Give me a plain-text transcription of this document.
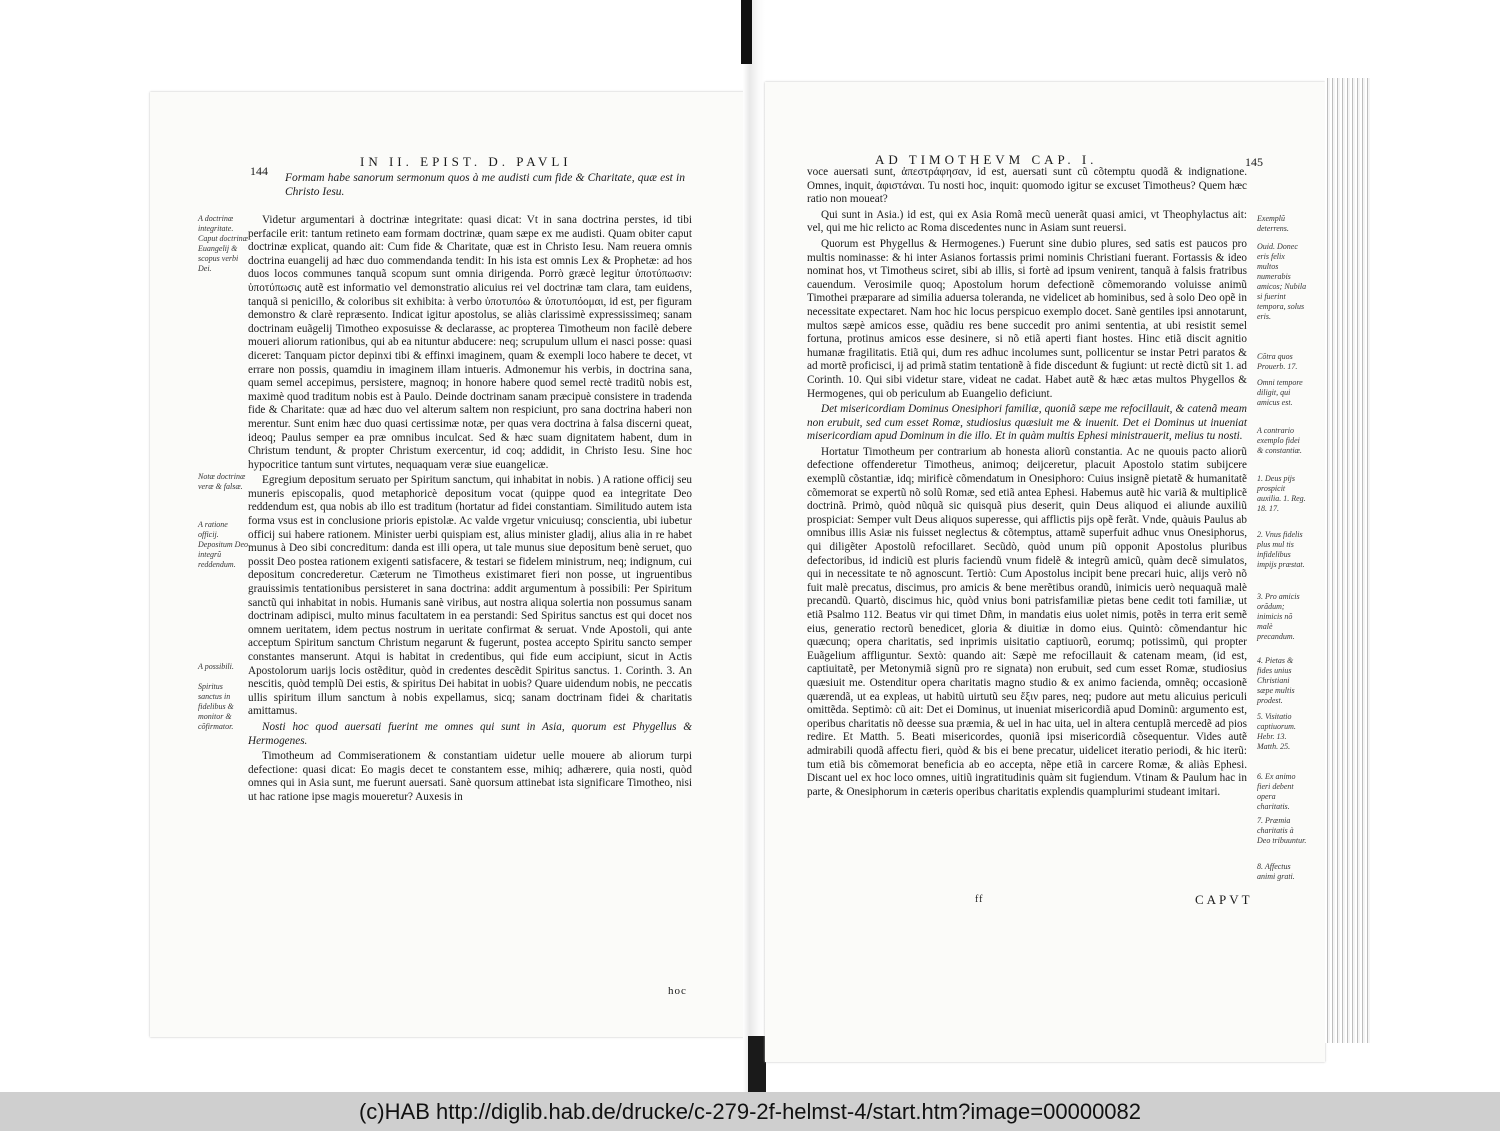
144
IN II. EPIST. D. PAVLI

Formam habe sanorum sermonum quos à me audisti cum fide & Charitate, quæ est in Christo Iesu.

A doctrinæ integritate. Caput doctrinæ Euangelij & scopus verbi Dei.
Notæ doctrinæ veræ & falsæ.
A ratione officij. Depositum Deo integrũ reddendum.
A possibili.
Spiritus sanctus in fidelibus & monitor & cõfirmator.

Videtur argumentari à doctrinæ integritate: quasi dicat: Vt in sana doctrina perstes, id tibi perfacile erit: tantum retineto eam formam doctrinæ, quam sæpe ex me audisti. Quam obiter caput doctrinæ explicat, quando ait: Cum fide & Charitate, quæ est in Christo Iesu. Nam reuera omnis doctrina euangelij ad hæc duo commendanda tendit: In his ista est omnis Lex & Prophetæ: ad hos duos locos communes tanquã scopum sunt omnia dirigenda. Porrò græcè legitur ὑποτύπωσιν: ὑποτύπωσις autẽ est informatio vel demonstratio alicuius rei vel doctrinæ tam clara, tam euidens, tanquã si penicillo, & coloribus sit exhibita: à verbo ὑποτυπόω & ὑποτυπόομαι, id est, per figuram demonstro & clarè repræsento. Indicat igitur apostolus, se aliàs clarissimè expressissimeq; sanam doctrinam euãgelij Timotheo exposuisse & declarasse, ac propterea Timotheum non facilè debere moueri aliorum rationibus, qui ab ea nituntur abducere: neq; scrupulum ullum ei nasci posse: quasi diceret: Tanquam pictor depinxi tibi & effinxi imaginem, quam & exempli loco habere te decet, vt errare non possis, quamdiu in imaginem illam intueris. Admonemur his verbis, in doctrina sana, quam semel accepimus, persistere, magnoq; in honore habere quod semel rectè traditũ nobis est, maximè quod traditum nobis est à Paulo. Deinde doctrinam sanam præcipuè consistere in tradenda fide & Charitate: quæ ad hæc duo vel alterum saltem non respiciunt, pro sana doctrina haberi non merentur. Sunt enim hæc duo quasi certissimæ notæ, per quas vera doctrina à falsa discerni queat, ideoq; Paulus semper ea præ omnibus inculcat. Sed & hæc suam dignitatem habent, dum in Christum tendunt, & propter Christum exercentur, id coq; addidit, in Christo Iesu. Sine hoc hypocritice tantum sunt virtutes, nequaquam veræ siue euangelicæ.

Egregium depositum seruato per Spiritum sanctum, qui inhabitat in nobis. ) A ratione officij seu muneris episcopalis, quod metaphoricè depositum vocat (quippe quod ea integritate Deo reddendum est, qua nobis ab illo est traditum (hortatur ad fidei constantiam. Similitudo autem ista forma vsus est in conclusione prioris epistolæ. Ac valde vrgetur vnicuiusq; conscientia, ubi iubetur officij sui habere rationem. Minister uerbi quispiam est, alius minister gladij, alius alia in re habet munus à Deo sibi concreditum: danda est illi opera, ut tale munus siue depositum benè seruet, quo possit Deo postea rationem exigenti satisfacere, & testari se fidelem ministrum, neq; indignum, cui depositum concrederetur. Cæterum ne Timotheus existimaret fieri non posse, ut ingruentibus grauissimis tentationibus persisteret in sana doctrina: addit argumentum à possibili: Per Spiritum sanctũ qui inhabitat in nobis. Humanis sanè viribus, aut nostra aliqua solertia non possumus sanam doctrinam adipisci, multo minus facultatem in ea perstandi: Sed Spiritus sanctus est qui docet nos omnem ueritatem, idem pectus nostrum in ueritate confirmat & seruat. Vnde Apostoli, qui ante acceptum Spiritum sanctum Christum negarunt & fugerunt, postea accepto Spiritu sancto semper constantes manserunt. Atqui is habitat in credentibus, qui fide eum accipiunt, sicut in Actis Apostolorum uarijs locis ostẽditur, quòd in credentes descẽdit Spiritus sanctus. 1. Corinth. 3. An nescitis, quòd templũ Dei estis, & spiritus Dei habitat in uobis? Quare uidendum nobis, ne peccatis ullis spiritum illum sanctum à nobis expellamus, sicq; sanam doctrinam fidei & charitatis amittamus.

Nosti hoc quod auersati fuerint me omnes qui sunt in Asia, quorum est Phygellus & Hermogenes.

Timotheum ad Commiserationem & constantiam uidetur uelle mouere ab aliorum turpi defectione: quasi dicat: Eo magis decet te constantem esse, mihiq; adhærere, quia nosti, quòd omnes qui in Asia sunt, me fuerunt auersati. Sanè quorsum attinebat ista significare Timotheo, nisi ut hac ratione ipse magis moueretur? Auxesis in

hoc
AD TIMOTHEVM CAP. I.	145

voce auersati sunt, ἀπεστράφησαν, id est, auersati sunt cũ cõtemptu quodã & indignatione. Omnes, inquit, ἀφιστάναι. Tu nosti hoc, inquit: quomodo igitur se excuset Timotheus? Quem hæc ratio non moueat?

Qui sunt in Asia.) id est, qui ex Asia Romã mecũ uenerãt quasi amici, vt Theophylactus ait: vel, qui me hic relicto ac Roma discedentes nunc in Asiam sunt reuersi.

Quorum est Phygellus & Hermogenes.) Fuerunt sine dubio plures, sed satis est paucos pro multis nominasse: & hi inter Asianos fortassis primi nominis Christiani fuerant. Fortassis & ideo nominat hos, vt Timotheus sciret, sibi ab illis, si fortè ad ipsum venirent, tanquã à falsis fratribus cauendum. Verosimile quoq; Apostolum horum defectionẽ cõmemorando voluisse animũ Timothei præparare ad similia aduersa toleranda, ne videlicet ab hominibus, sed à solo Deo opẽ in necessitate expectaret. Nam hoc hic locus perspicuo exemplo docet. Sanè gentiles ipsi annotarunt, multos sæpè amicos esse, quãdiu res bene succedit pro animi sententia, at ubi resistit semel fortuna, protinus amicos esse desinere, si nõ etiã aperti fiant hostes. Hinc etiã discit agnitio humanæ fragilitatis. Etiã qui, dum res adhuc incolumes sunt, pollicentur se instar Petri paratos & ad mortẽ proficisci, ij ad primã statim tentationẽ à fide discedunt & fugiunt: ut rectè dictũ sit 1. ad Corinth. 10. Qui sibi videtur stare, videat ne cadat. Habet autẽ & hæc ætas multos Phygellos & Hermogenes, qui ob periculum ab Euangelio deficiunt.

Det misericordiam Dominus Onesiphori familiæ, quoniã sæpe me refocillauit, & catenã meam non erubuit, sed cum esset Romæ, studiosius quæsiuit me & inuenit. Det ei Dominus ut inueniat misericordiam apud Dominum in die illo. Et in quàm multis Ephesi ministrauerit, melius tu nosti.

Hortatur Timotheum per contrarium ab honesta aliorũ constantia. Ac ne quouis pacto aliorũ defectione offenderetur Timotheus, animoq; deijceretur, placuit Apostolo statim subijcere exemplũ cõstantiæ, idq; mirificè cõmendatum in Onesiphoro: Cuius insignẽ pietatẽ & humanitatẽ cõmemorat se expertũ nõ solũ Romæ, sed etiã antea Ephesi. Habemus autẽ hic variã & multiplicẽ doctrinã. Primò, quòd nũquã sic quisquã pius deserit, quin Deus aliquod ei aliunde auxiliũ prospiciat: Semper vult Deus aliquos superesse, qui afflictis pijs opẽ ferãt. Vnde, quàuis Paulus ab omnibus illis Asiæ nis fuisset neglectus & cõtemptus, attamẽ superfuit adhuc vnus Onesiphorus, qui diligẽter Apostolũ refocillaret. Secũdò, quòd unum piũ opponit Apostolus pluribus defectoribus, id indiciũ est pluris faciendũ vnum fidelẽ & integrũ amicũ, quàm decẽ simulatos, qui in necessitate te nõ agnoscunt. Tertiò: Cum Apostolus incipit bene precari huic, alijs verò nõ fuit malè precatus, discimus, pro amicis & bene merẽtibus orandũ, inimicis uerò nequaquã malè precandũ. Quartò, discimus hic, quòd vnius boni patrisfamiliæ pietas bene cedit toti familiæ, ut etiã Psalmo 112. Beatus vir qui timet Dñm, in mandatis eius uolet nimis, potẽs in terra erit semẽ eius, generatio rectorũ benedicet, gloria & diuitiæ in domo eius. Quintò: cõmendantur hic quæcunq; opera charitatis, sed inprimis uisitatio captiuorũ, eorumq; potissimũ, qui propter Euãgelium affliguntur. Sextò: quando ait: Sæpè me refocillauit & catenam meam, (id est, captiuitatẽ, per Metonymiã signũ pro re signata) non erubuit, sed cum esset Romæ, studiosius quæsiuit me. Ostenditur opera charitatis magno studio & ex animo facienda, omnẽq; occasionẽ quærendã, ut ea expleas, ut habitũ uirtutũ seu ἕξιν pares, neq; pudore aut metu alicuius periculi omittẽda. Septimò: cũ ait: Det ei Dominus, ut inueniat misericordiã apud Dominũ: argumento est, operibus charitatis nõ deesse sua præmia, & uel in hac uita, uel in altera centuplã mercedẽ ad pios redire. Et Matth. 5. Beati misericordes, quoniã ipsi misericordiã cõsequentur. Vides autẽ admirabili quodã affectu fieri, quòd & bis ei bene precatur, uidelicet iteratio periodi, & hic iterũ: tum etiã bis cõmemorat beneficia ab eo accepta, nẽpe etiã in carcere Romæ, & aliàs Ephesi. Discant uel ex hoc loco omnes, uitiũ ingratitudinis quàm sit fugiendum. Vtinam & Paulum hac in parte, & Onesiphorum in cæteris operibus charitatis explendis quamplurimi studeant imitari.

Exemplũ deterrens.
Ouid. Donec eris felix multos numerabis amicos; Nubila si fuerint tempora, solus eris.
Cõtra quos Prouerb. 17.
Omni tempore diligit, qui amicus est.
A contrario exemplo fidei & constantiæ.
1. Deus pijs prospicit auxilia. 1. Reg. 18. 17.
2. Vnus fidelis plus mul tis infidelibus impijs præstat.
3. Pro amicis orãdum; inimicis nõ malè precandum.
4. Pietas & fides unius Christiani sæpe multis prodest.
5. Visitatio captiuorum. Hebr. 13. Matth. 25.
6. Ex animo fieri debent opera charitatis.
7. Præmia charitatis à Deo tribuuntur.
8. Affectus animi grati.
ff	CAPVT
(c)HAB http://diglib.hab.de/drucke/c-279-2f-helmst-4/start.htm?image=00000082
